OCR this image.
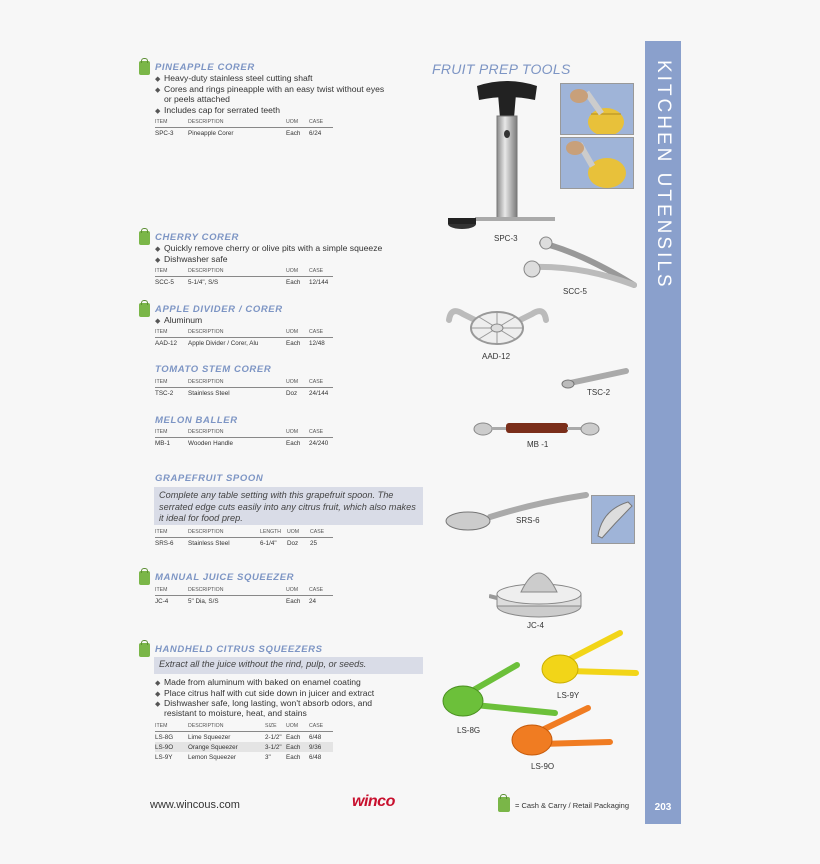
KITCHEN UTENSILS
203
FRUIT PREP TOOLS
PINEAPPLE CORER
◆ Heavy-duty stainless steel cutting shaft
◆ Cores and rings pineapple with an easy twist without eyes
or peels attached
◆ Includes cap for serrated teeth
ITEM	DESCRIPTION	UOM	CASE
SPC-3	Pineapple Corer	Each	6/24
CHERRY CORER
◆ Quickly remove cherry or olive pits with a simple squeeze
◆ Dishwasher safe
ITEM	DESCRIPTION	UOM	CASE
SCC-5	5-1/4", S/S	Each	12/144
APPLE DIVIDER / CORER
◆ Aluminum
ITEM	DESCRIPTION	UOM	CASE
AAD-12	Apple Divider / Corer, Alu	Each	12/48
TOMATO STEM CORER
ITEM	DESCRIPTION	UOM	CASE
TSC-2	Stainless Steel	Doz	24/144
MELON BALLER
ITEM	DESCRIPTION	UOM	CASE
MB-1	Wooden Handle	Each	24/240
GRAPEFRUIT SPOON
Complete any table setting with this grapefruit spoon. The serrated edge cuts easily into any citrus fruit, which also makes it ideal for food prep.
ITEM	DESCRIPTION	LENGTH	UOM	CASE
SRS-6	Stainless Steel	6-1/4"	Doz	25
MANUAL JUICE SQUEEZER
ITEM	DESCRIPTION	UOM	CASE
JC-4	5" Dia, S/S	Each	24
HANDHELD CITRUS SQUEEZERS
Extract all the juice without the rind, pulp, or seeds.
◆ Made from aluminum with baked on enamel coating
◆ Place citrus half with cut side down in juicer and extract
◆ Dishwasher safe, long lasting, won't absorb odors, and
resistant to moisture, heat, and stains
ITEM	DESCRIPTION	SIZE	UOM	CASE
LS-8G	Lime Squeezer	2-1/2"	Each	6/48
LS-9O	Orange Squeezer	3-1/2"	Each	9/36
LS-9Y	Lemon Squeezer	3"	Each	6/48
SPC-3
SCC-5
AAD-12
TSC-2
MB -1
SRS-6
JC-4
LS-9Y
LS-8G
LS-9O
www.wincous.com	winco	= Cash & Carry / Retail Packaging
